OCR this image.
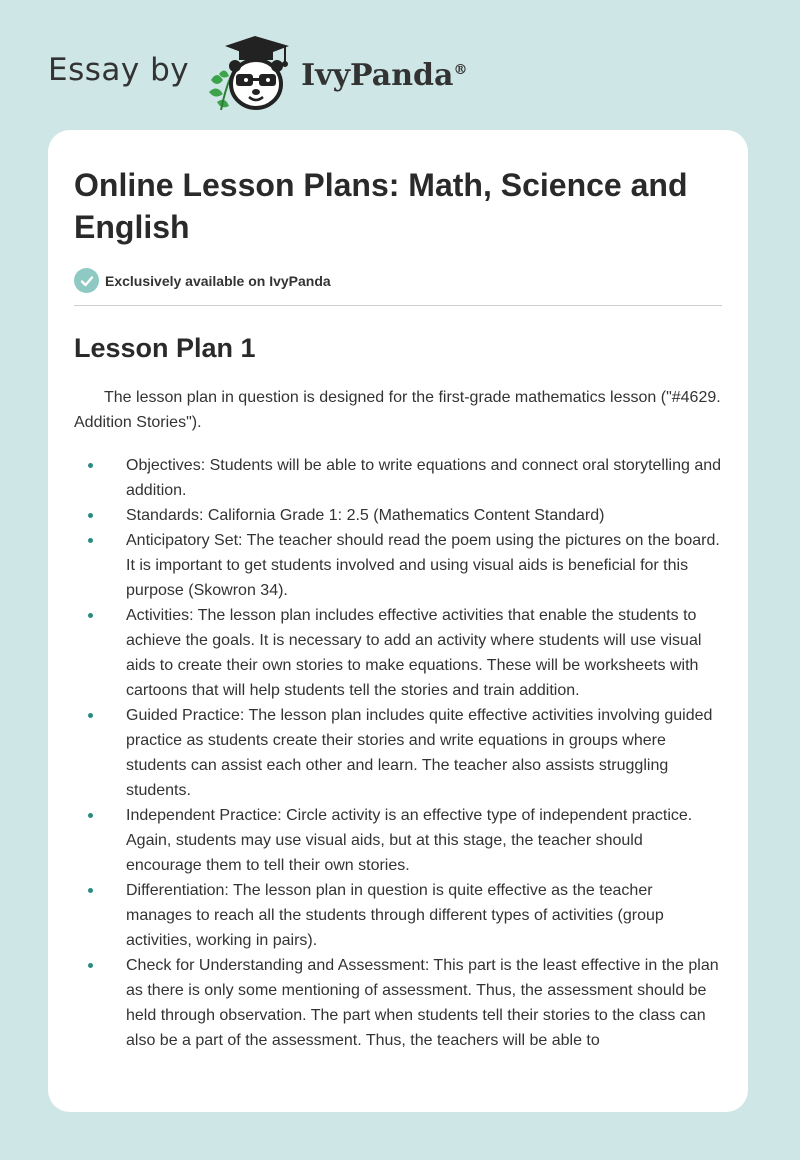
Essay by	IvyPanda®
Online Lesson Plans: Math, Science and English
Exclusively available on IvyPanda
Lesson Plan 1

The lesson plan in question is designed for the first-grade mathematics lesson ("#4629. Addition Stories").

Objectives: Students will be able to write equations and connect oral storytelling and addition.
Standards: California Grade 1: 2.5 (Mathematics Content Standard)
Anticipatory Set: The teacher should read the poem using the pictures on the board. It is important to get students involved and using visual aids is beneficial for this purpose (Skowron 34).
Activities: The lesson plan includes effective activities that enable the students to achieve the goals. It is necessary to add an activity where students will use visual aids to create their own stories to make equations. These will be worksheets with cartoons that will help students tell the stories and train addition.
Guided Practice: The lesson plan includes quite effective activities involving guided practice as students create their stories and write equations in groups where students can assist each other and learn. The teacher also assists struggling students.
Independent Practice: Circle activity is an effective type of independent practice. Again, students may use visual aids, but at this stage, the teacher should encourage them to tell their own stories.
Differentiation: The lesson plan in question is quite effective as the teacher manages to reach all the students through different types of activities (group activities, working in pairs).
Check for Understanding and Assessment: This part is the least effective in the plan as there is only some mentioning of assessment. Thus, the assessment should be held through observation. The part when students tell their stories to the class can also be a part of the assessment. Thus, the teachers will be able to
